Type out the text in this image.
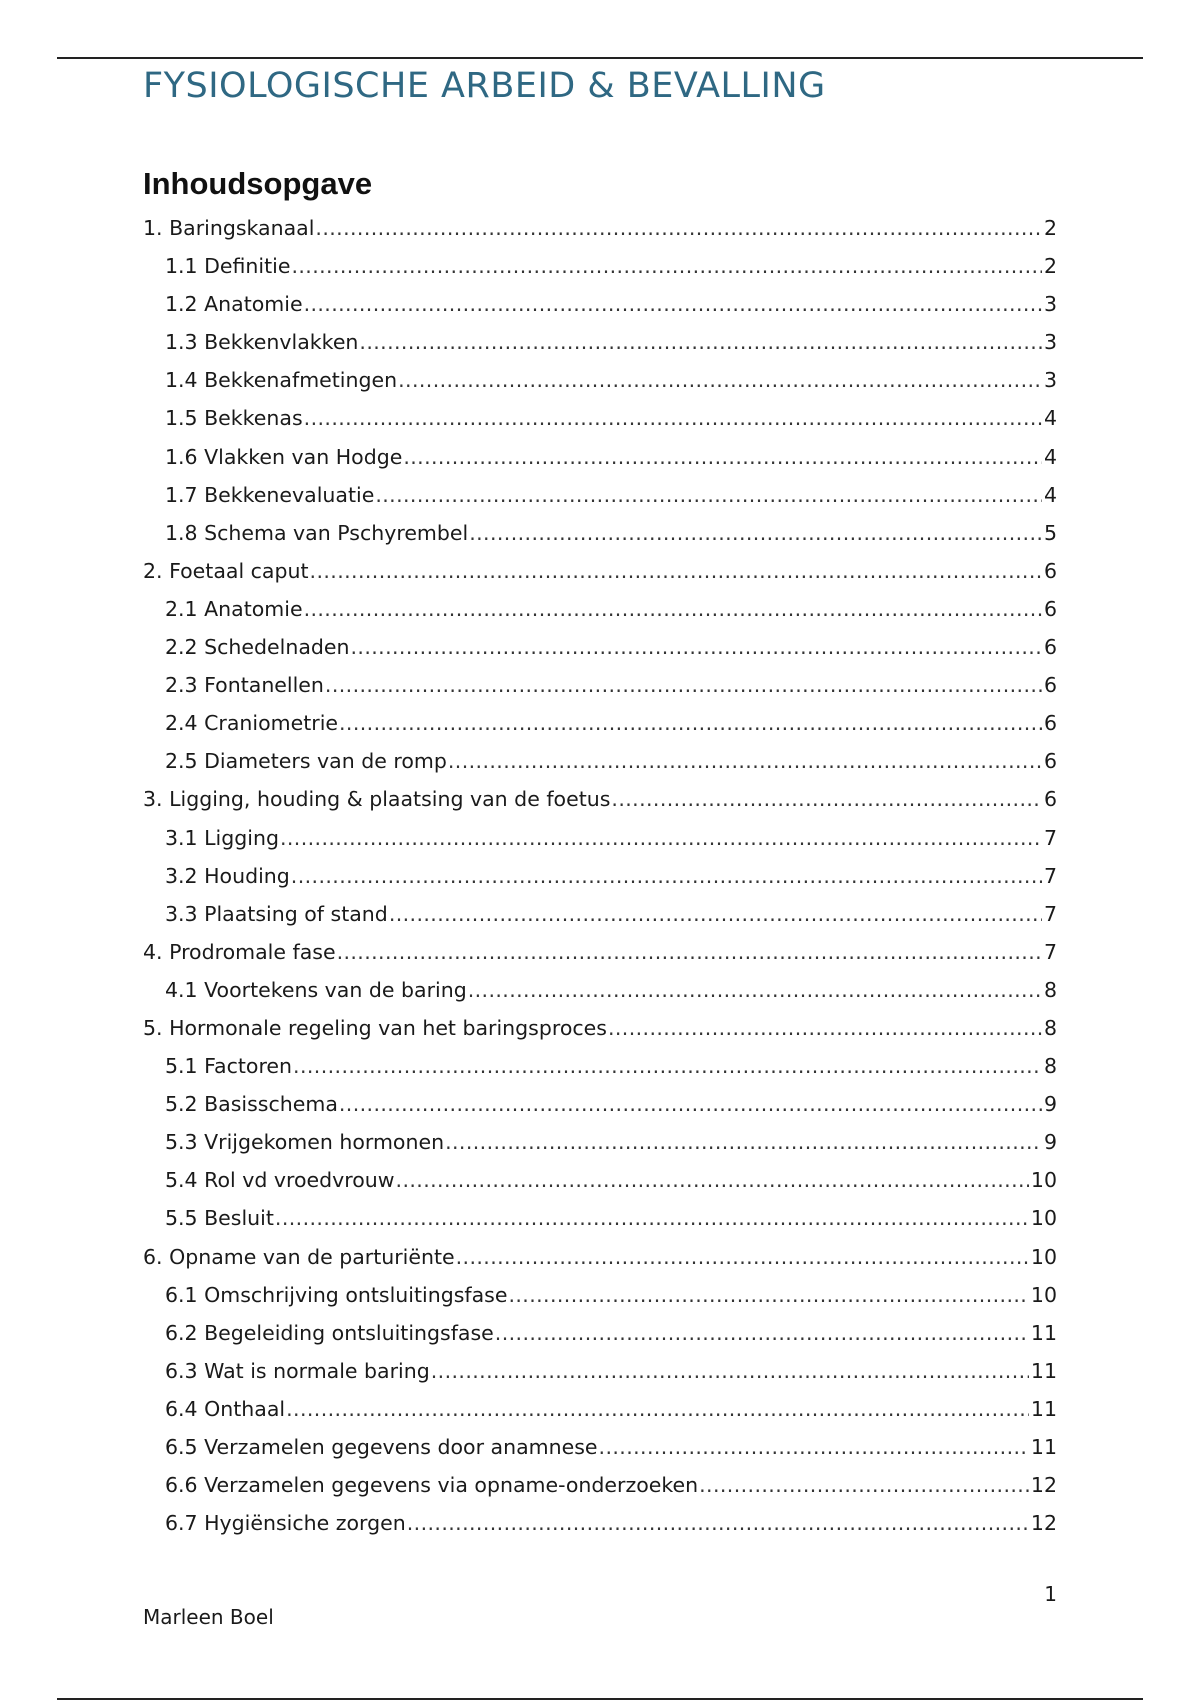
FYSIOLOGISCHE ARBEID & BEVALLING
Inhoudsopgave
1. Baringskanaal .....	2
1.1 Definitie .....	2
1.2 Anatomie .....	3
1.3 Bekkenvlakken .....	3
1.4 Bekkenafmetingen .....	3
1.5 Bekkenas .....	4
1.6 Vlakken van Hodge .....	4
1.7 Bekkenevaluatie .....	4
1.8 Schema van Pschyrembel .....	5
2. Foetaal caput .....	6
2.1 Anatomie .....	6
2.2 Schedelnaden .....	6
2.3 Fontanellen .....	6
2.4 Craniometrie .....	6
2.5 Diameters van de romp .....	6
3. Ligging, houding & plaatsing van de foetus .....	6
3.1 Ligging .....	7
3.2 Houding .....	7
3.3 Plaatsing of stand .....	7
4. Prodromale fase .....	7
4.1 Voortekens van de baring .....	8
5. Hormonale regeling van het baringsproces .....	8
5.1 Factoren .....	8
5.2 Basisschema .....	9
5.3 Vrijgekomen hormonen .....	9
5.4 Rol vd vroedvrouw .....	10
5.5 Besluit .....	10
6. Opname van de parturiënte .....	10
6.1 Omschrijving ontsluitingsfase .....	10
6.2 Begeleiding ontsluitingsfase .....	11
6.3 Wat is normale baring .....	11
6.4 Onthaal .....	11
6.5 Verzamelen gegevens door anamnese .....	11
6.6 Verzamelen gegevens via opname-onderzoeken .....	12
6.7 Hygiënsiche zorgen .....	12
1
Marleen Boel
